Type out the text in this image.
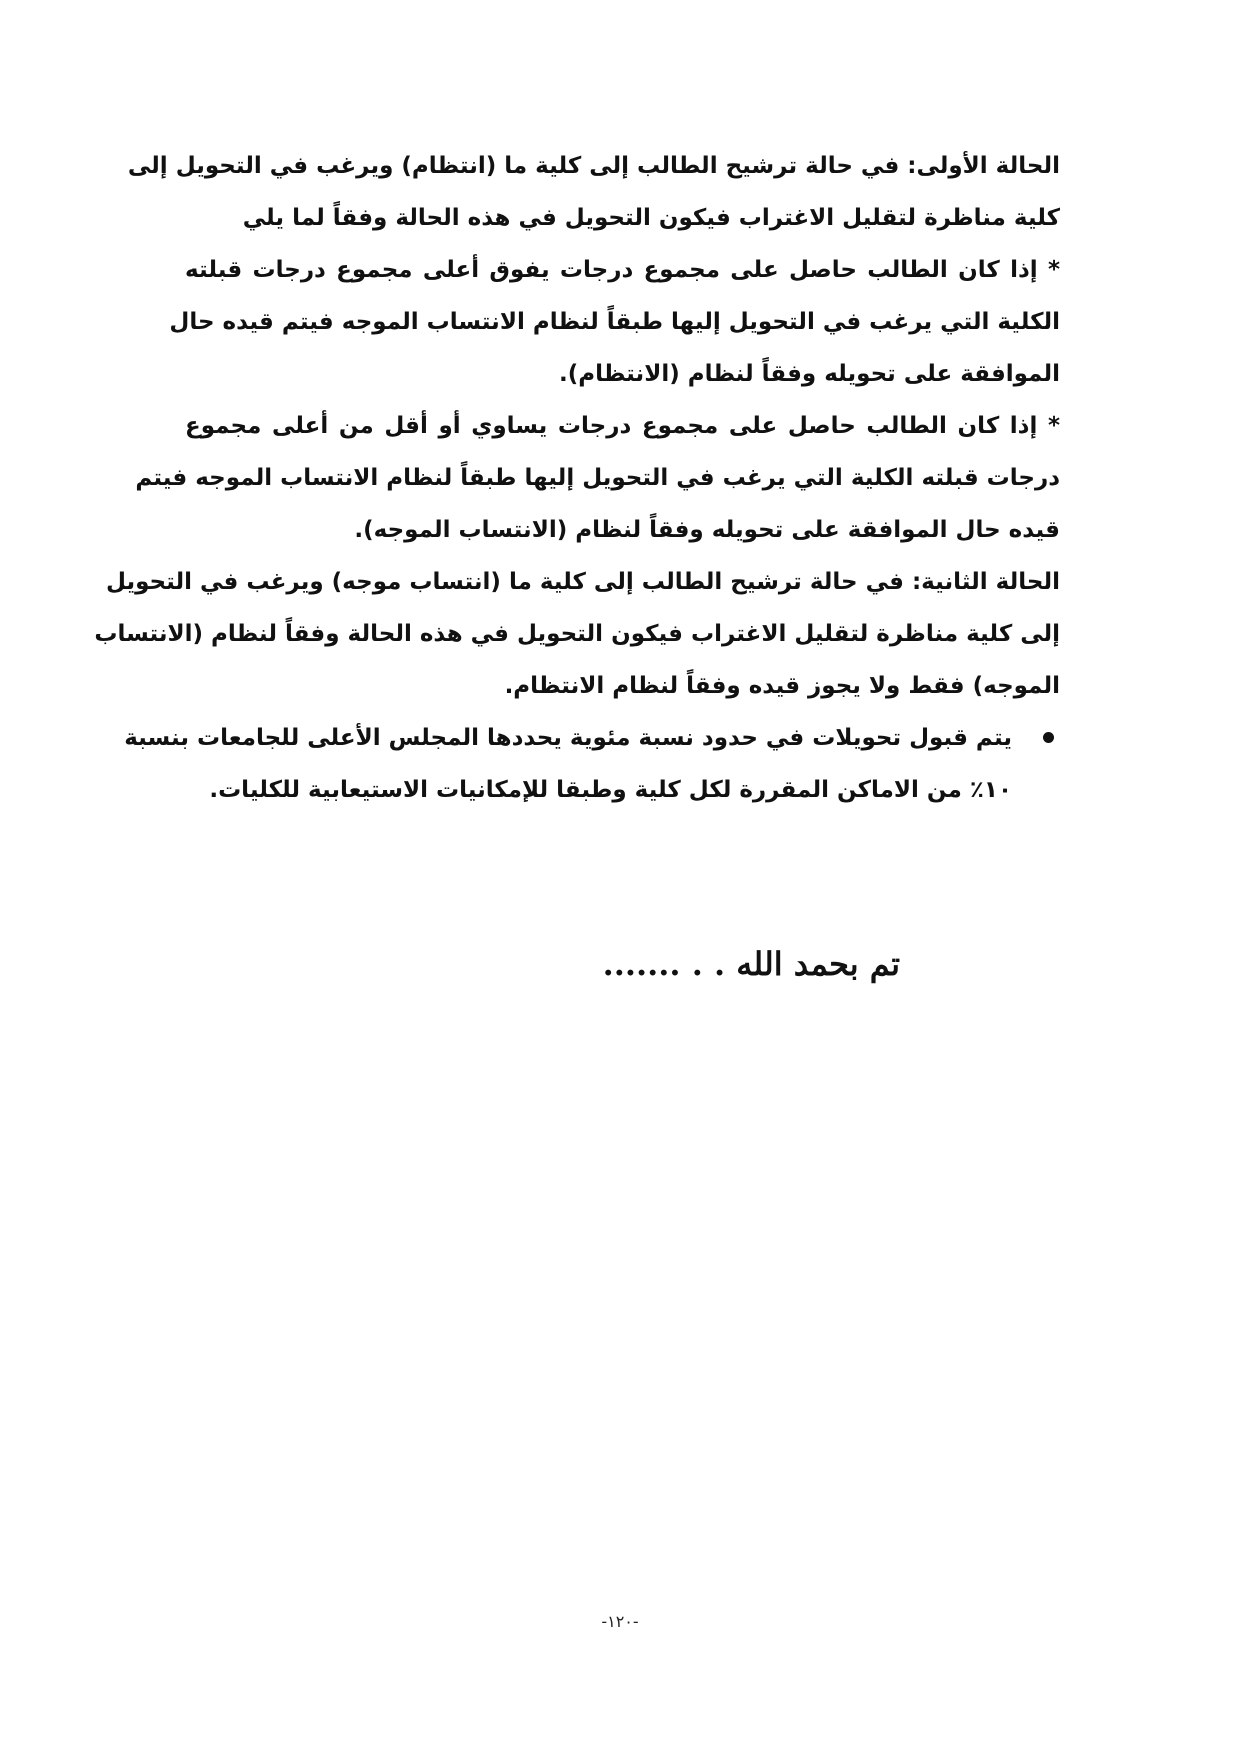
الحالة الأولى: في حالة ترشيح الطالب إلى كلية ما (انتظام) ويرغب في التحويل إلى
كلية مناظرة لتقليل الاغتراب فيكون التحويل في هذه الحالة وفقاً لما يلي
* إذا كان الطالب حاصل على مجموع درجات يفوق أعلى مجموع درجات قبلته
الكلية التي يرغب في التحويل إليها طبقاً لنظام الانتساب الموجه فيتم قيده حال
الموافقة على تحويله وفقاً لنظام (الانتظام).
* إذا كان الطالب حاصل على مجموع درجات يساوي أو أقل من أعلى مجموع
درجات قبلته الكلية التي يرغب في التحويل إليها طبقاً لنظام الانتساب الموجه فيتم
قيده حال الموافقة على تحويله وفقاً لنظام (الانتساب الموجه).
الحالة الثانية: في حالة ترشيح الطالب إلى كلية ما (انتساب موجه) ويرغب في التحويل
إلى كلية مناظرة لتقليل الاغتراب فيكون التحويل في هذه الحالة وفقاً لنظام (الانتساب
الموجه) فقط ولا يجوز قيده وفقاً لنظام الانتظام.
يتم قبول تحويلات في حدود نسبة مئوية يحددها المجلس الأعلى للجامعات بنسبة
١٠٪ من الاماكن المقررة لكل كلية وطبقا للإمكانيات الاستيعابية للكليات.
تم بحمد الله . . .......
-١٢٠-
